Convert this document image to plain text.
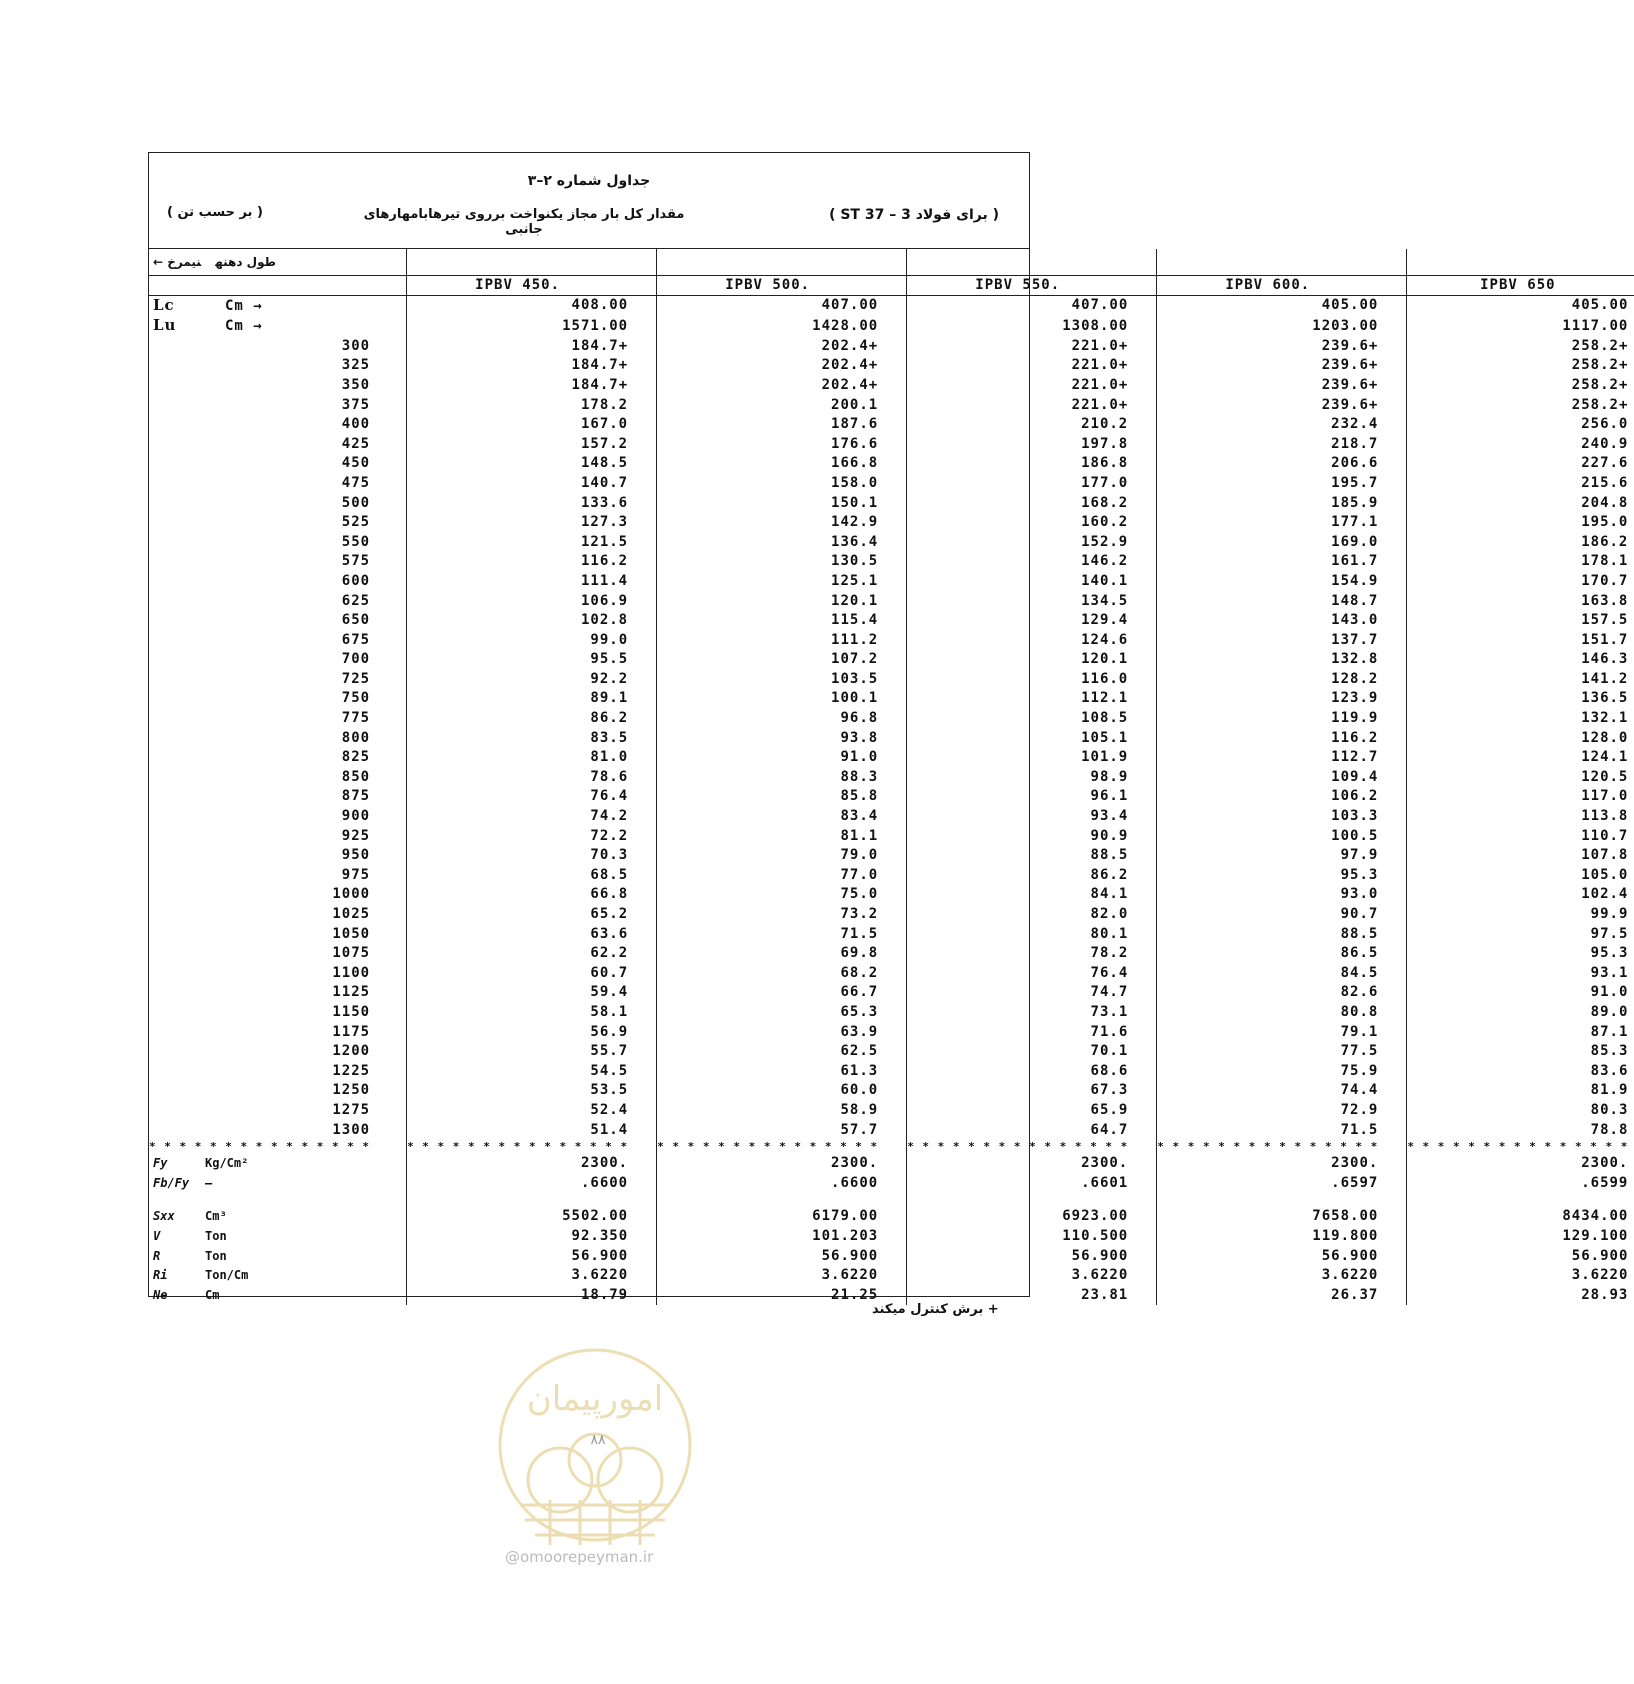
جداول شماره ۲–۳
( برای فولاد ST 37 – 3 )
مقدار کل بار مجاز یکنواخت برروی تیرهابامهارهای جانبی
( بر حسب تن )
طول دهنهنیمرخ ←					
	IPBV 450.	IPBV 500.	IPBV 550.	IPBV 600.	IPBV 650
Lc Cm →	408.00	407.00	407.00	405.00	405.00
Lu Cm →	1571.00	1428.00	1308.00	1203.00	1117.00
300	184.7+	202.4+	221.0+	239.6+	258.2+
325	184.7+	202.4+	221.0+	239.6+	258.2+
350	184.7+	202.4+	221.0+	239.6+	258.2+
375	178.2	200.1	221.0+	239.6+	258.2+
400	167.0	187.6	210.2	232.4	256.0
425	157.2	176.6	197.8	218.7	240.9
450	148.5	166.8	186.8	206.6	227.6
475	140.7	158.0	177.0	195.7	215.6
500	133.6	150.1	168.2	185.9	204.8
525	127.3	142.9	160.2	177.1	195.0
550	121.5	136.4	152.9	169.0	186.2
575	116.2	130.5	146.2	161.7	178.1
600	111.4	125.1	140.1	154.9	170.7
625	106.9	120.1	134.5	148.7	163.8
650	102.8	115.4	129.4	143.0	157.5
675	99.0	111.2	124.6	137.7	151.7
700	95.5	107.2	120.1	132.8	146.3
725	92.2	103.5	116.0	128.2	141.2
750	89.1	100.1	112.1	123.9	136.5
775	86.2	96.8	108.5	119.9	132.1
800	83.5	93.8	105.1	116.2	128.0
825	81.0	91.0	101.9	112.7	124.1
850	78.6	88.3	98.9	109.4	120.5
875	76.4	85.8	96.1	106.2	117.0
900	74.2	83.4	93.4	103.3	113.8
925	72.2	81.1	90.9	100.5	110.7
950	70.3	79.0	88.5	97.9	107.8
975	68.5	77.0	86.2	95.3	105.0
1000	66.8	75.0	84.1	93.0	102.4
1025	65.2	73.2	82.0	90.7	99.9
1050	63.6	71.5	80.1	88.5	97.5
1075	62.2	69.8	78.2	86.5	95.3
1100	60.7	68.2	76.4	84.5	93.1
1125	59.4	66.7	74.7	82.6	91.0
1150	58.1	65.3	73.1	80.8	89.0
1175	56.9	63.9	71.6	79.1	87.1
1200	55.7	62.5	70.1	77.5	85.3
1225	54.5	61.3	68.6	75.9	83.6
1250	53.5	60.0	67.3	74.4	81.9
1275	52.4	58.9	65.9	72.9	80.3
1300	51.4	57.7	64.7	71.5	78.8
* * * * * * * * * * * * * * *	* * * * * * * * * * * * * * *	* * * * * * * * * * * * * * *	* * * * * * * * * * * * * * *	* * * * * * * * * * * * * * *	* * * * * * * * * * * * * * *
Fy Kg/Cm²	2300.	2300.	2300.	2300.	2300.
Fb/Fy —	.6600	.6600	.6601	.6597	.6599

Sxx Cm³	5502.00	6179.00	6923.00	7658.00	8434.00
V Ton	92.350	101.203	110.500	119.800	129.100
R Ton	56.900	56.900	56.900	56.900	56.900
Ri Ton/Cm	3.6220	3.6220	3.6220	3.6220	3.6220
Ne Cm	18.79	21.25	23.81	26.37	28.93
+ برش کنترل میکند
امورپیمان
۸۸
@omoorepeyman.ir
